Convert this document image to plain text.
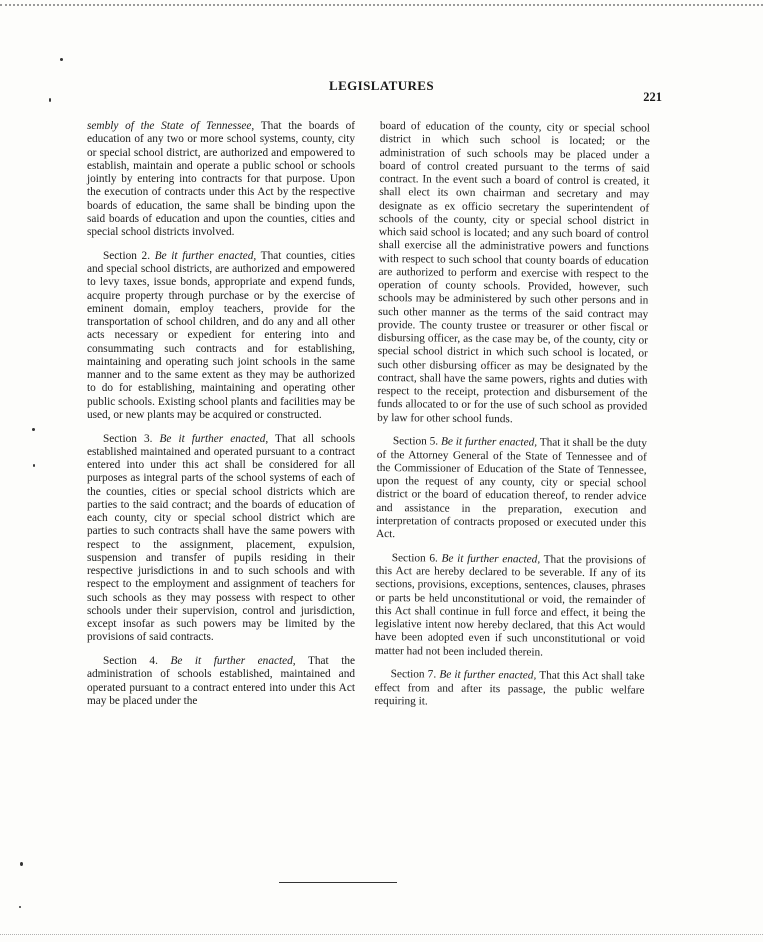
LEGISLATURES
221

sembly of the State of Tennessee, That the boards of education of any two or more school systems, county, city or special school district, are authorized and empowered to establish, maintain and operate a public school or schools jointly by entering into contracts for that purpose. Upon the execution of contracts under this Act by the respective boards of education, the same shall be binding upon the said boards of education and upon the counties, cities and special school districts involved.

Section 2. Be it further enacted, That counties, cities and special school districts, are authorized and empowered to levy taxes, issue bonds, appropriate and expend funds, acquire property through purchase or by the exercise of eminent domain, employ teachers, provide for the transportation of school children, and do any and all other acts necessary or expedient for entering into and consummating such contracts and for establishing, maintaining and operating such joint schools in the same manner and to the same extent as they may be authorized to do for establishing, maintaining and operating other public schools. Existing school plants and facilities may be used, or new plants may be acquired or constructed.

Section 3. Be it further enacted, That all schools established maintained and operated pursuant to a contract entered into under this act shall be considered for all purposes as integral parts of the school systems of each of the counties, cities or special school districts which are parties to the said contract; and the boards of education of each county, city or special school district which are parties to such contracts shall have the same powers with respect to the assignment, placement, expulsion, suspension and transfer of pupils residing in their respective jurisdictions in and to such schools and with respect to the employment and assignment of teachers for such schools as they may possess with respect to other schools under their supervision, control and jurisdiction, except insofar as such powers may be limited by the provisions of said contracts.

Section 4. Be it further enacted, That the administration of schools established, maintained and operated pursuant to a contract entered into under this Act may be placed under the

board of education of the county, city or special school district in which such school is located; or the administration of such schools may be placed under a board of control created pursuant to the terms of said contract. In the event such a board of control is created, it shall elect its own chairman and secretary and may designate as ex officio secretary the superintendent of schools of the county, city or special school district in which said school is located; and any such board of control shall exercise all the administrative powers and functions with respect to such school that county boards of education are authorized to perform and exercise with respect to the operation of county schools. Provided, however, such schools may be administered by such other persons and in such other manner as the terms of the said contract may provide. The county trustee or treasurer or other fiscal or disbursing officer, as the case may be, of the county, city or special school district in which such school is located, or such other disbursing officer as may be designated by the contract, shall have the same powers, rights and duties with respect to the receipt, protection and disbursement of the funds allocated to or for the use of such school as provided by law for other school funds.

Section 5. Be it further enacted, That it shall be the duty of the Attorney General of the State of Tennessee and of the Commissioner of Education of the State of Tennessee, upon the request of any county, city or special school district or the board of education thereof, to render advice and assistance in the preparation, execution and interpretation of contracts proposed or executed under this Act.

Section 6. Be it further enacted, That the provisions of this Act are hereby declared to be severable. If any of its sections, provisions, exceptions, sentences, clauses, phrases or parts be held unconstitutional or void, the remainder of this Act shall continue in full force and effect, it being the legislative intent now hereby declared, that this Act would have been adopted even if such unconstitutional or void matter had not been included therein.

Section 7. Be it further enacted, That this Act shall take effect from and after its passage, the public welfare requiring it.
